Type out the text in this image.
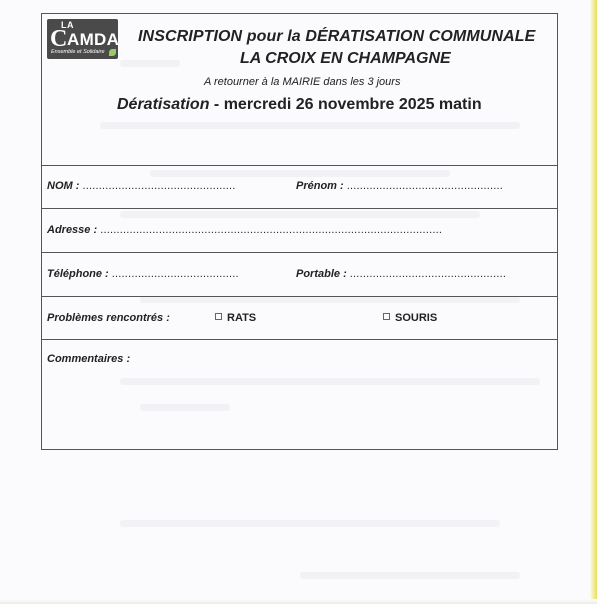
LA
C AMDA
Ensemble et Solidaire
INSCRIPTION pour la DÉRATISATION COMMUNALE
LA CROIX EN CHAMPAGNE
A retourner à la MAIRIE dans les 3 jours
Dératisation - mercredi 26 novembre 2025 matin
NOM : ...............................................	Prénom : ................................................
Adresse : .........................................................................................................
Téléphone : .......................................	Portable : ................................................
Problèmes rencontrés :	RATS	SOURIS
Commentaires :
